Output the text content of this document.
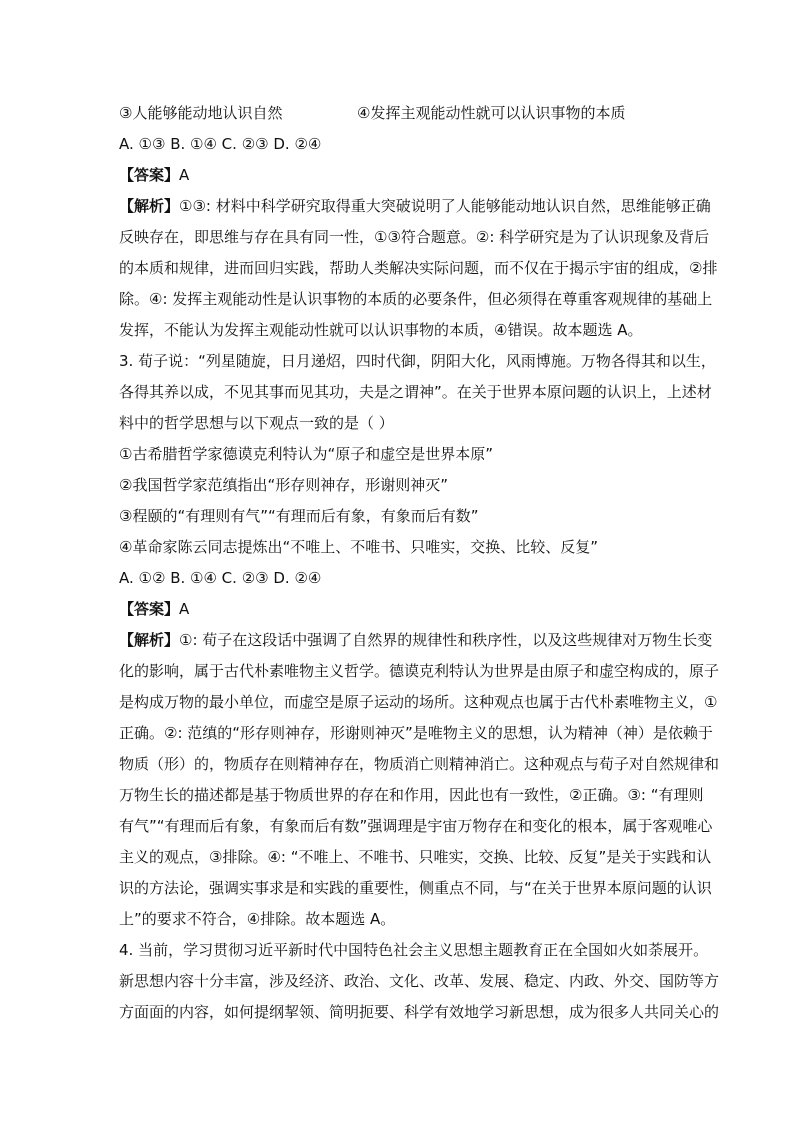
③人能够能动地认识自然	④发挥主观能动性就可以认识事物的本质
A. ①③ B. ①④ C. ②③ D. ②④
【答案】A
【解析】①③: 材料中科学研究取得重大突破说明了人能够能动地认识自然，思维能够正确
反映存在，即思维与存在具有同一性，①③符合题意。②: 科学研究是为了认识现象及背后
的本质和规律，进而回归实践，帮助人类解决实际问题，而不仅在于揭示宇宙的组成，②排
除。④: 发挥主观能动性是认识事物的本质的必要条件，但必须得在尊重客观规律的基础上
发挥，不能认为发挥主观能动性就可以认识事物的本质，④错误。故本题选 A。
3. 荀子说：“列星随旋，日月递炤，四时代御，阴阳大化，风雨博施。万物各得其和以生，
各得其养以成，不见其事而见其功，夫是之谓神”。在关于世界本原问题的认识上，上述材
料中的哲学思想与以下观点一致的是（ ）
①古希腊哲学家德谟克利特认为“原子和虚空是世界本原”
②我国哲学家范缜指出“形存则神存，形谢则神灭”
③程颐的“有理则有气”“有理而后有象，有象而后有数”
④革命家陈云同志提炼出“不唯上、不唯书、只唯实，交换、比较、反复”
A. ①② B. ①④ C. ②③ D. ②④
【答案】A
【解析】①: 荀子在这段话中强调了自然界的规律性和秩序性，以及这些规律对万物生长变
化的影响，属于古代朴素唯物主义哲学。德谟克利特认为世界是由原子和虚空构成的，原子
是构成万物的最小单位，而虚空是原子运动的场所。这种观点也属于古代朴素唯物主义，①
正确。②: 范缜的“形存则神存，形谢则神灭”是唯物主义的思想，认为精神（神）是依赖于
物质（形）的，物质存在则精神存在，物质消亡则精神消亡。这种观点与荀子对自然规律和
万物生长的描述都是基于物质世界的存在和作用，因此也有一致性，②正确。③: “有理则
有气”“有理而后有象，有象而后有数”强调理是宇宙万物存在和变化的根本，属于客观唯心
主义的观点，③排除。④: “不唯上、不唯书、只唯实，交换、比较、反复”是关于实践和认
识的方法论，强调实事求是和实践的重要性，侧重点不同，与“在关于世界本原问题的认识
上”的要求不符合，④排除。故本题选 A。
4. 当前，学习贯彻习近平新时代中国特色社会主义思想主题教育正在全国如火如荼展开。
新思想内容十分丰富，涉及经济、政治、文化、改革、发展、稳定、内政、外交、国防等方
方面面的内容，如何提纲挈领、简明扼要、科学有效地学习新思想，成为很多人共同关心的
